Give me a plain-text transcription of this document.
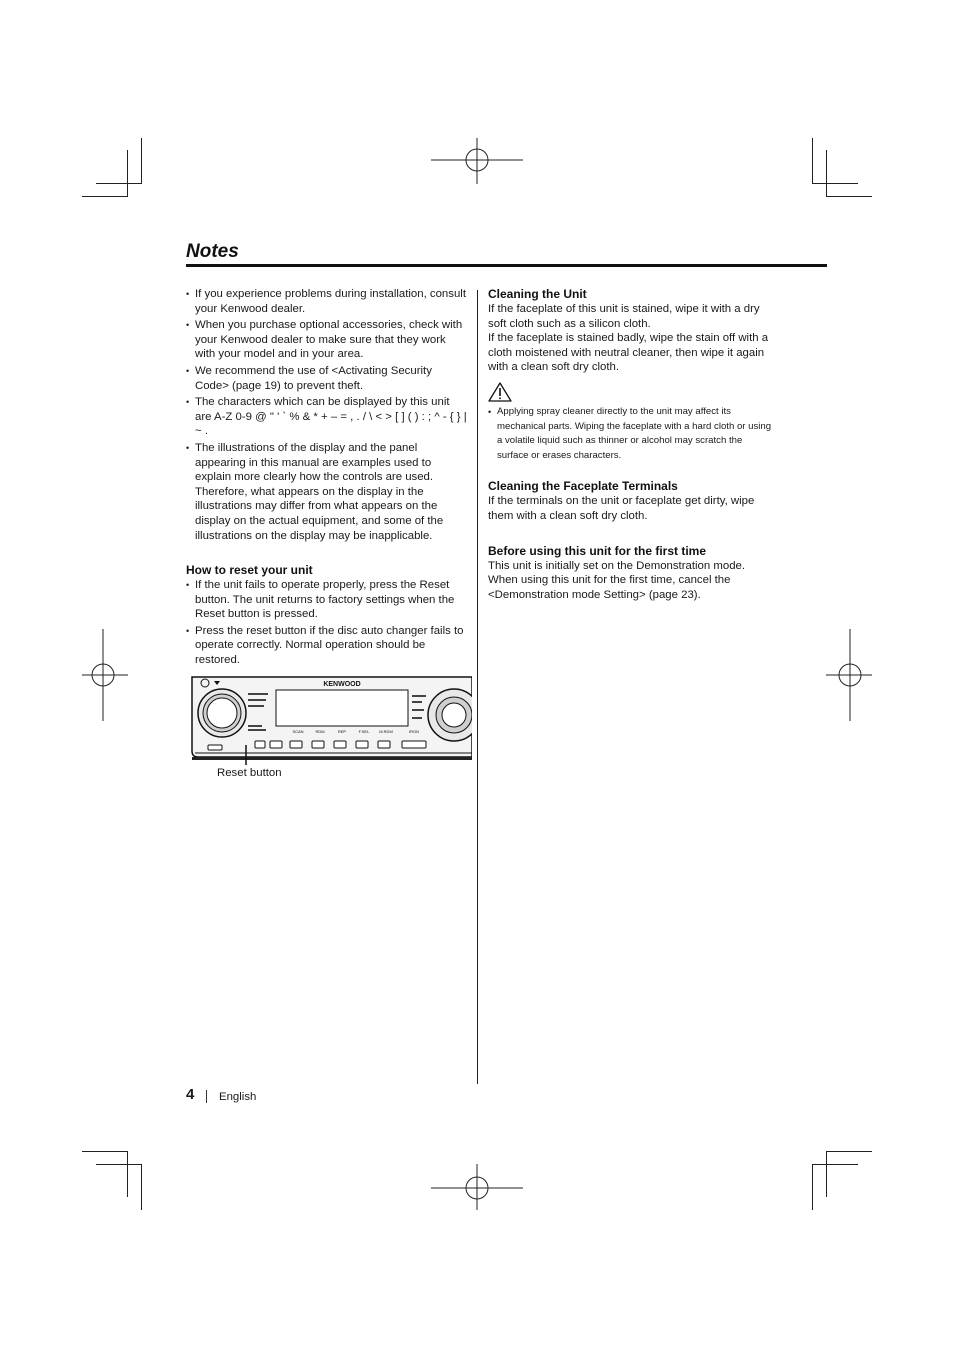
Notes
• If you experience problems during installation, consult your Kenwood dealer.
• When you purchase optional accessories, check with your Kenwood dealer to make sure that they work with your model and in your area.
• We recommend the use of <Activating Security Code> (page 19) to prevent theft.
• The characters which can be displayed by this unit are A-Z 0-9 @ " ' ` % & * + – = , . / \ < > [ ] ( ) : ; ^ - { } | ~ .
• The illustrations of the display and the panel appearing in this manual are examples used to explain more clearly how the controls are used. Therefore, what appears on the display in the illustrations may differ from what appears on the display on the actual equipment, and some of the illustrations on the display may be inapplicable.
How to reset your unit
• If the unit fails to operate properly, press the Reset button. The unit returns to factory settings when the Reset button is pressed.
• Press the reset button if the disc auto changer fails to operate correctly. Normal operation should be restored.
KENWOOD
SCAN	RDM	REP	F.SEL M.RDM	IRON
Reset button
Cleaning the Unit

If the faceplate of this unit is stained, wipe it with a dry soft cloth such as a silicon cloth.

If the faceplate is stained badly, wipe the stain off with a cloth moistened with neutral cleaner, then wipe it again with a clean soft dry cloth.

• Applying spray cleaner directly to the unit may affect its mechanical parts. Wiping the faceplate with a hard cloth or using a volatile liquid such as thinner or alcohol may scratch the surface or erases characters.
Cleaning the Faceplate Terminals

If the terminals on the unit or faceplate get dirty, wipe them with a clean soft dry cloth.

Before using this unit for the first time

This unit is initially set on the Demonstration mode. When using this unit for the first time, cancel the <Demonstration mode Setting> (page 23).

4 English
